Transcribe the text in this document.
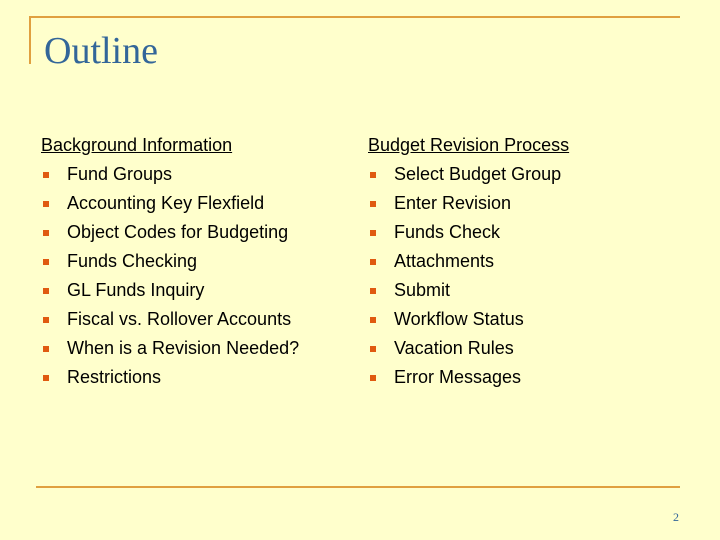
Outline
Background Information
Fund Groups
Accounting Key Flexfield
Object Codes for Budgeting
Funds Checking
GL Funds Inquiry
Fiscal vs. Rollover Accounts
When is a Revision Needed?
Restrictions
Budget Revision Process
Select Budget Group
Enter Revision
Funds Check
Attachments
Submit
Workflow Status
Vacation Rules
Error Messages
2
